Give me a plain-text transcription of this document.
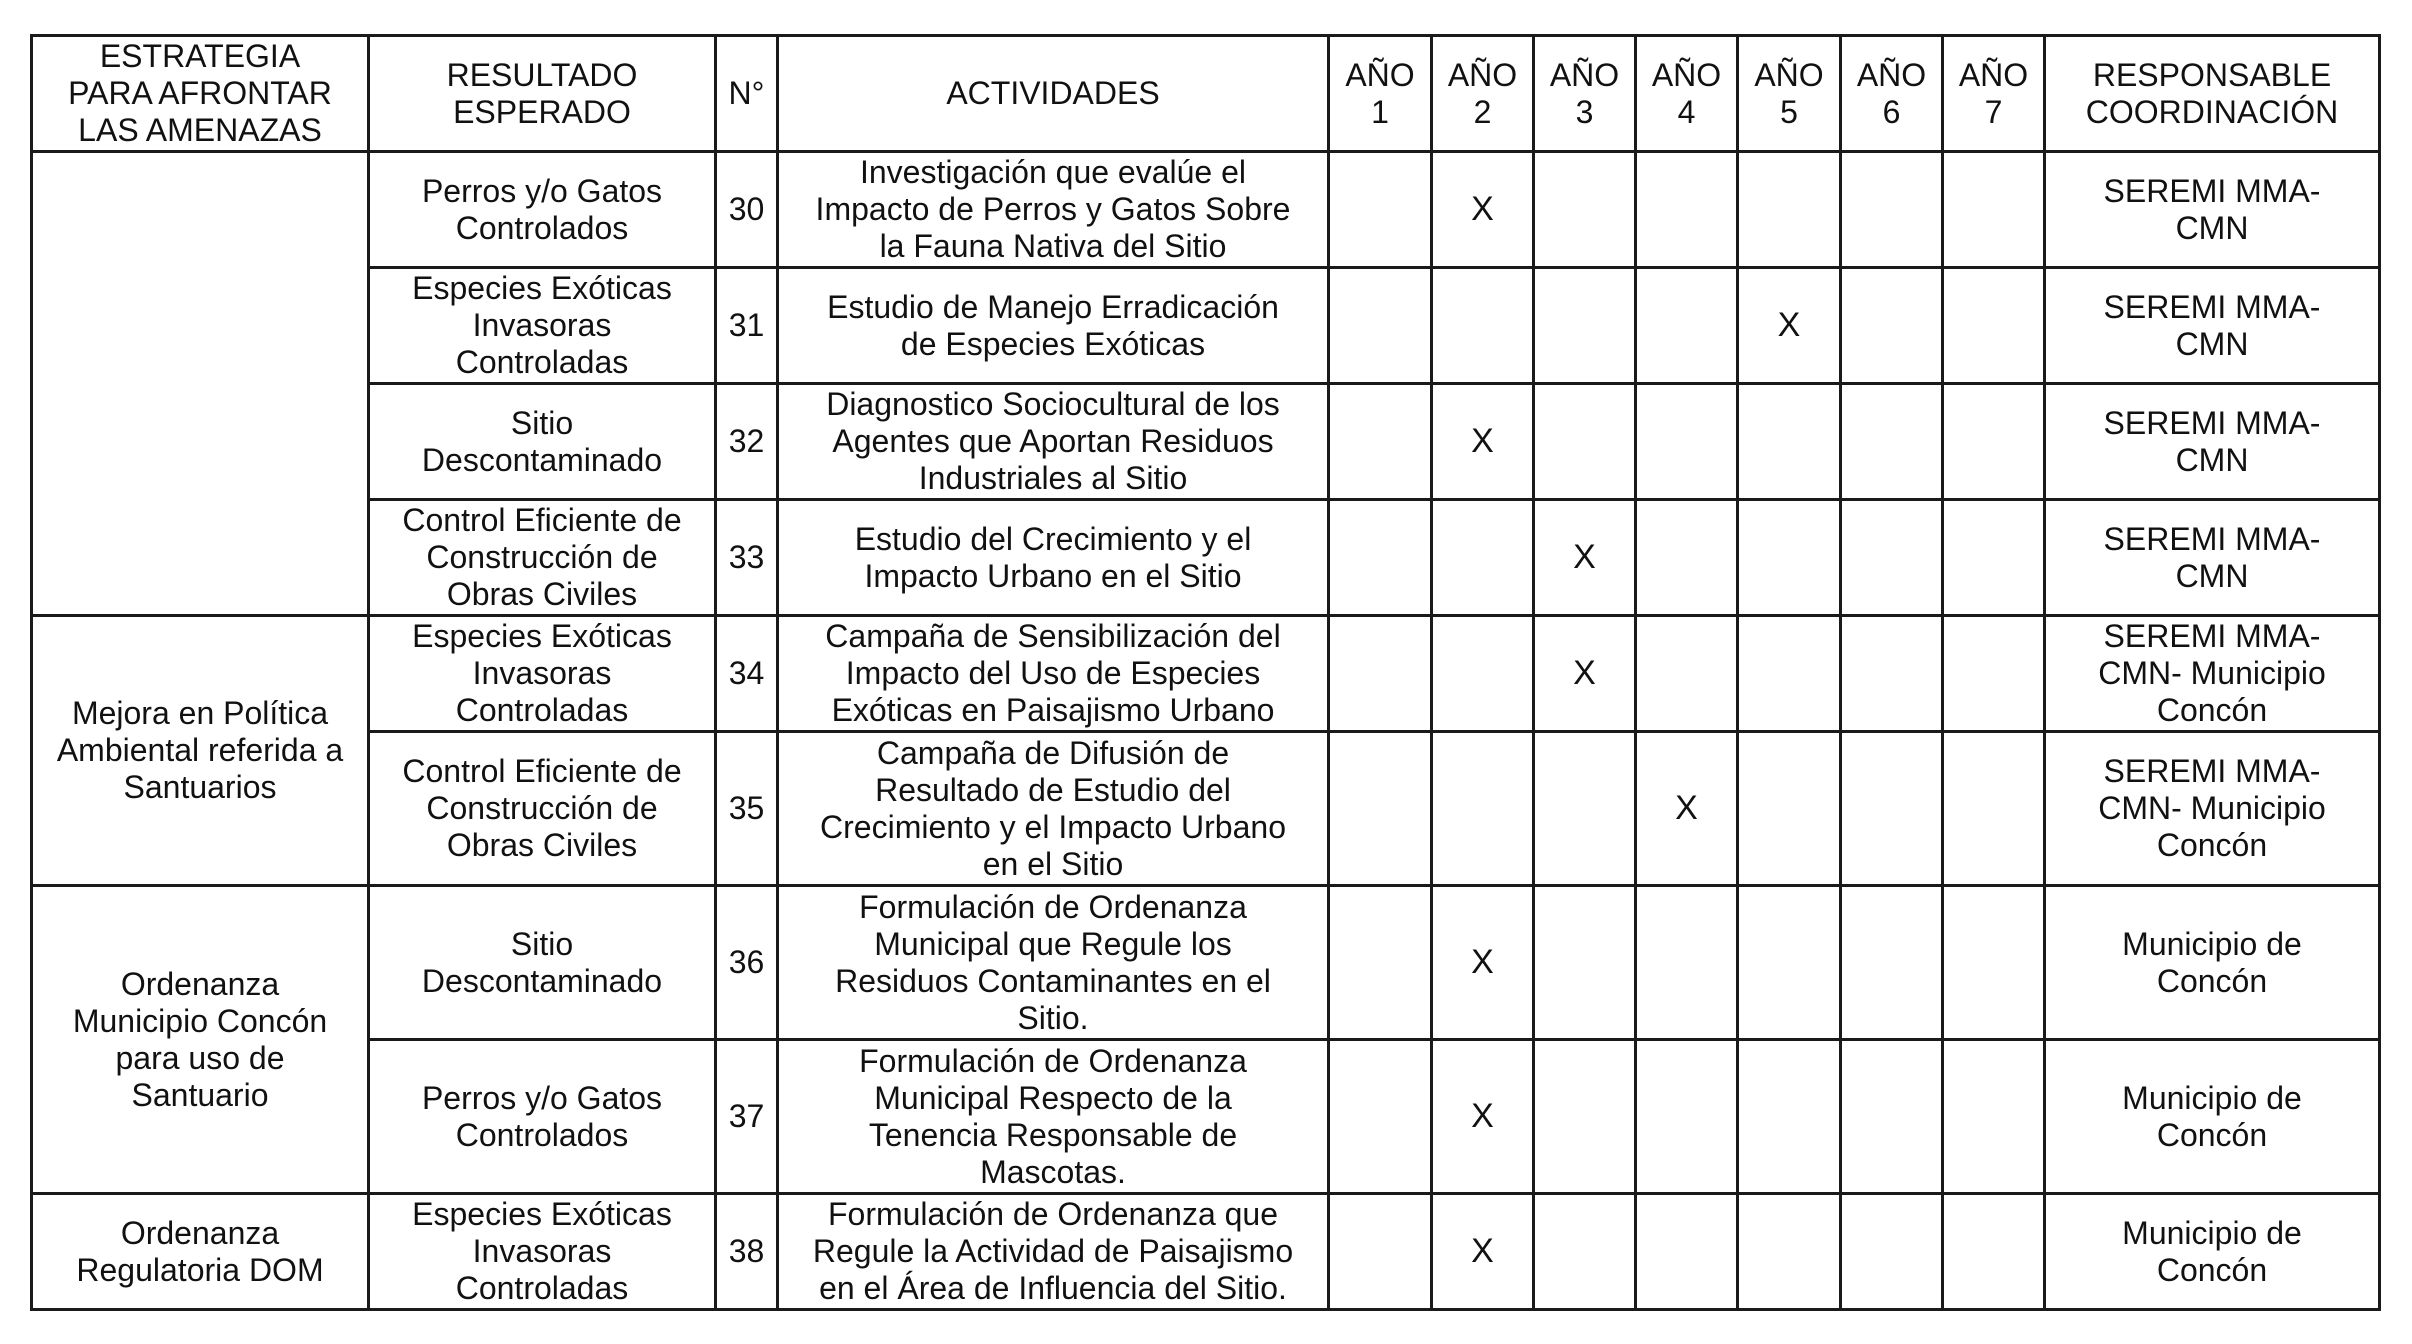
ESTRATEGIA
PARA AFRONTAR
LAS AMENAZAS	RESULTADO
ESPERADO	N°	ACTIVIDADES	AÑO
1	AÑO
2	AÑO
3	AÑO
4	AÑO
5	AÑO
6	AÑO
7	RESPONSABLE
COORDINACIÓN

	Perros y/o Gatos
Controlados	30	Investigación que evalúe el
Impacto de Perros y Gatos Sobre
la Fauna Nativa del Sitio		X						SEREMI MMA-
CMN

	Especies Exóticas
Invasoras
Controladas	31	Estudio de Manejo Erradicación
de Especies Exóticas					X			SEREMI MMA-
CMN

	Sitio
Descontaminado	32	Diagnostico Sociocultural de los
Agentes que Aportan Residuos
Industriales al Sitio		X						SEREMI MMA-
CMN

	Control Eficiente de
Construcción de
Obras Civiles	33	Estudio del Crecimiento y el
Impacto Urbano en el Sitio			X					SEREMI MMA-
CMN

Mejora en Política
Ambiental referida a
Santuarios	Especies Exóticas
Invasoras
Controladas	34	Campaña de Sensibilización del
Impacto del Uso de Especies
Exóticas en Paisajismo Urbano			X					SEREMI MMA-
CMN- Municipio
Concón

	Control Eficiente de
Construcción de
Obras Civiles	35	Campaña de Difusión de
Resultado de Estudio del
Crecimiento y el Impacto Urbano
en el Sitio				X				SEREMI MMA-
CMN- Municipio
Concón

Ordenanza
Municipio Concón
para uso de
Santuario	Sitio
Descontaminado	36	Formulación de Ordenanza
Municipal que Regule los
Residuos Contaminantes en el
Sitio.		X						Municipio de
Concón

	Perros y/o Gatos
Controlados	37	Formulación de Ordenanza
Municipal Respecto de la
Tenencia Responsable de
Mascotas.		X						Municipio de
Concón

Ordenanza
Regulatoria DOM	Especies Exóticas
Invasoras
Controladas	38	Formulación de Ordenanza que
Regule la Actividad de Paisajismo
en el Área de Influencia del Sitio.		X						Municipio de
Concón
